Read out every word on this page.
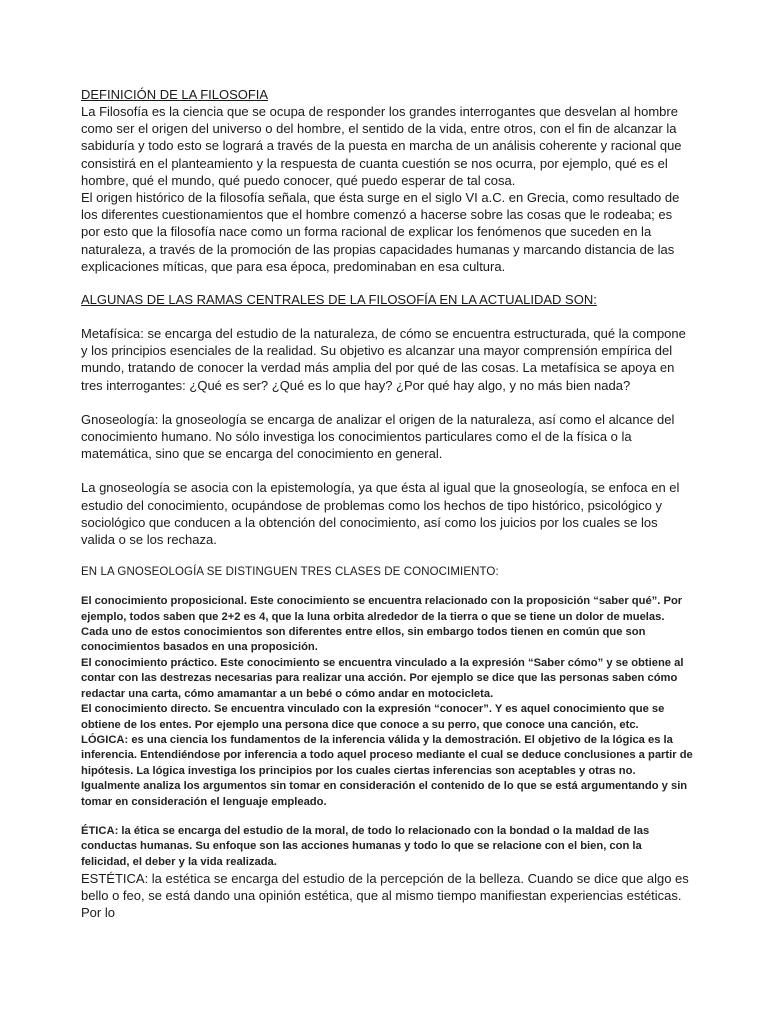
DEFINICIÓN DE LA FILOSOFIA

La Filosofía es la ciencia que se ocupa de responder los grandes interrogantes que desvelan al hombre como ser el origen del universo o del hombre, el sentido de la vida, entre otros, con el fin de alcanzar la sabiduría y todo esto se logrará a través de la puesta en marcha de un análisis coherente y racional que consistirá en el planteamiento y la respuesta de cuanta cuestión se nos ocurra, por ejemplo, qué es el hombre, qué el mundo, qué puedo conocer, qué puedo esperar de tal cosa.

El origen histórico de la filosofía señala, que ésta surge en el siglo VI a.C. en Grecia, como resultado de los diferentes cuestionamientos que el hombre comenzó a hacerse sobre las cosas que le rodeaba; es por esto que la filosofía nace como un forma racional de explicar los fenómenos que suceden en la naturaleza, a través de la promoción de las propias capacidades humanas y marcando distancia de las explicaciones míticas, que para esa época, predominaban en esa cultura.

ALGUNAS DE LAS RAMAS CENTRALES DE LA FILOSOFÍA EN LA ACTUALIDAD SON:

Metafísica: se encarga del estudio de la naturaleza, de cómo se encuentra estructurada, qué la compone y los principios esenciales de la realidad. Su objetivo es alcanzar una mayor comprensión empírica del mundo, tratando de conocer la verdad más amplia del por qué de las cosas. La metafísica se apoya en tres interrogantes: ¿Qué es ser? ¿Qué es lo que hay? ¿Por qué hay algo, y no más bien nada?

Gnoseología: la gnoseología se encarga de analizar el origen de la naturaleza, así como el alcance del conocimiento humano. No sólo investiga los conocimientos particulares como el de la física o la matemática, sino que se encarga del conocimiento en general.

La gnoseología se asocia con la epistemología, ya que ésta al igual que la gnoseología, se enfoca en el estudio del conocimiento, ocupándose de problemas como los hechos de tipo histórico, psicológico y sociológico que conducen a la obtención del conocimiento, así como los juicios por los cuales se los valida o se los rechaza.

EN LA GNOSEOLOGÍA SE DISTINGUEN TRES CLASES DE CONOCIMIENTO:

El conocimiento proposicional. Este conocimiento se encuentra relacionado con la proposición “saber qué”. Por ejemplo, todos saben que 2+2 es 4, que la luna orbita alrededor de la tierra o que se tiene un dolor de muelas. Cada uno de estos conocimientos son diferentes entre ellos, sin embargo todos tienen en común que son conocimientos basados en una proposición.

El conocimiento práctico. Este conocimiento se encuentra vinculado a la expresión “Saber cómo” y se obtiene al contar con las destrezas necesarias para realizar una acción. Por ejemplo se dice que las personas saben cómo redactar una carta, cómo amamantar a un bebé o cómo andar en motocicleta.

El conocimiento directo. Se encuentra vinculado con la expresión “conocer”. Y es aquel conocimiento que se obtiene de los entes. Por ejemplo una persona dice que conoce a su perro, que conoce una canción, etc.

LÓGICA: es una ciencia los fundamentos de la inferencia válida y la demostración. El objetivo de la lógica es la inferencia. Entendiéndose por inferencia a todo aquel proceso mediante el cual se deduce conclusiones a partir de hipótesis. La lógica investiga los principios por los cuales ciertas inferencias son aceptables y otras no. Igualmente analiza los argumentos sin tomar en consideración el contenido de lo que se está argumentando y sin tomar en consideración el lenguaje empleado.

ÉTICA: la ética se encarga del estudio de la moral, de todo lo relacionado con la bondad o la maldad de las conductas humanas. Su enfoque son las acciones humanas y todo lo que se relacione con el bien, con la felicidad, el deber y la vida realizada.

ESTÉTICA: la estética se encarga del estudio de la percepción de la belleza. Cuando se dice que algo es bello o feo, se está dando una opinión estética, que al mismo tiempo manifiestan experiencias estéticas. Por lo
